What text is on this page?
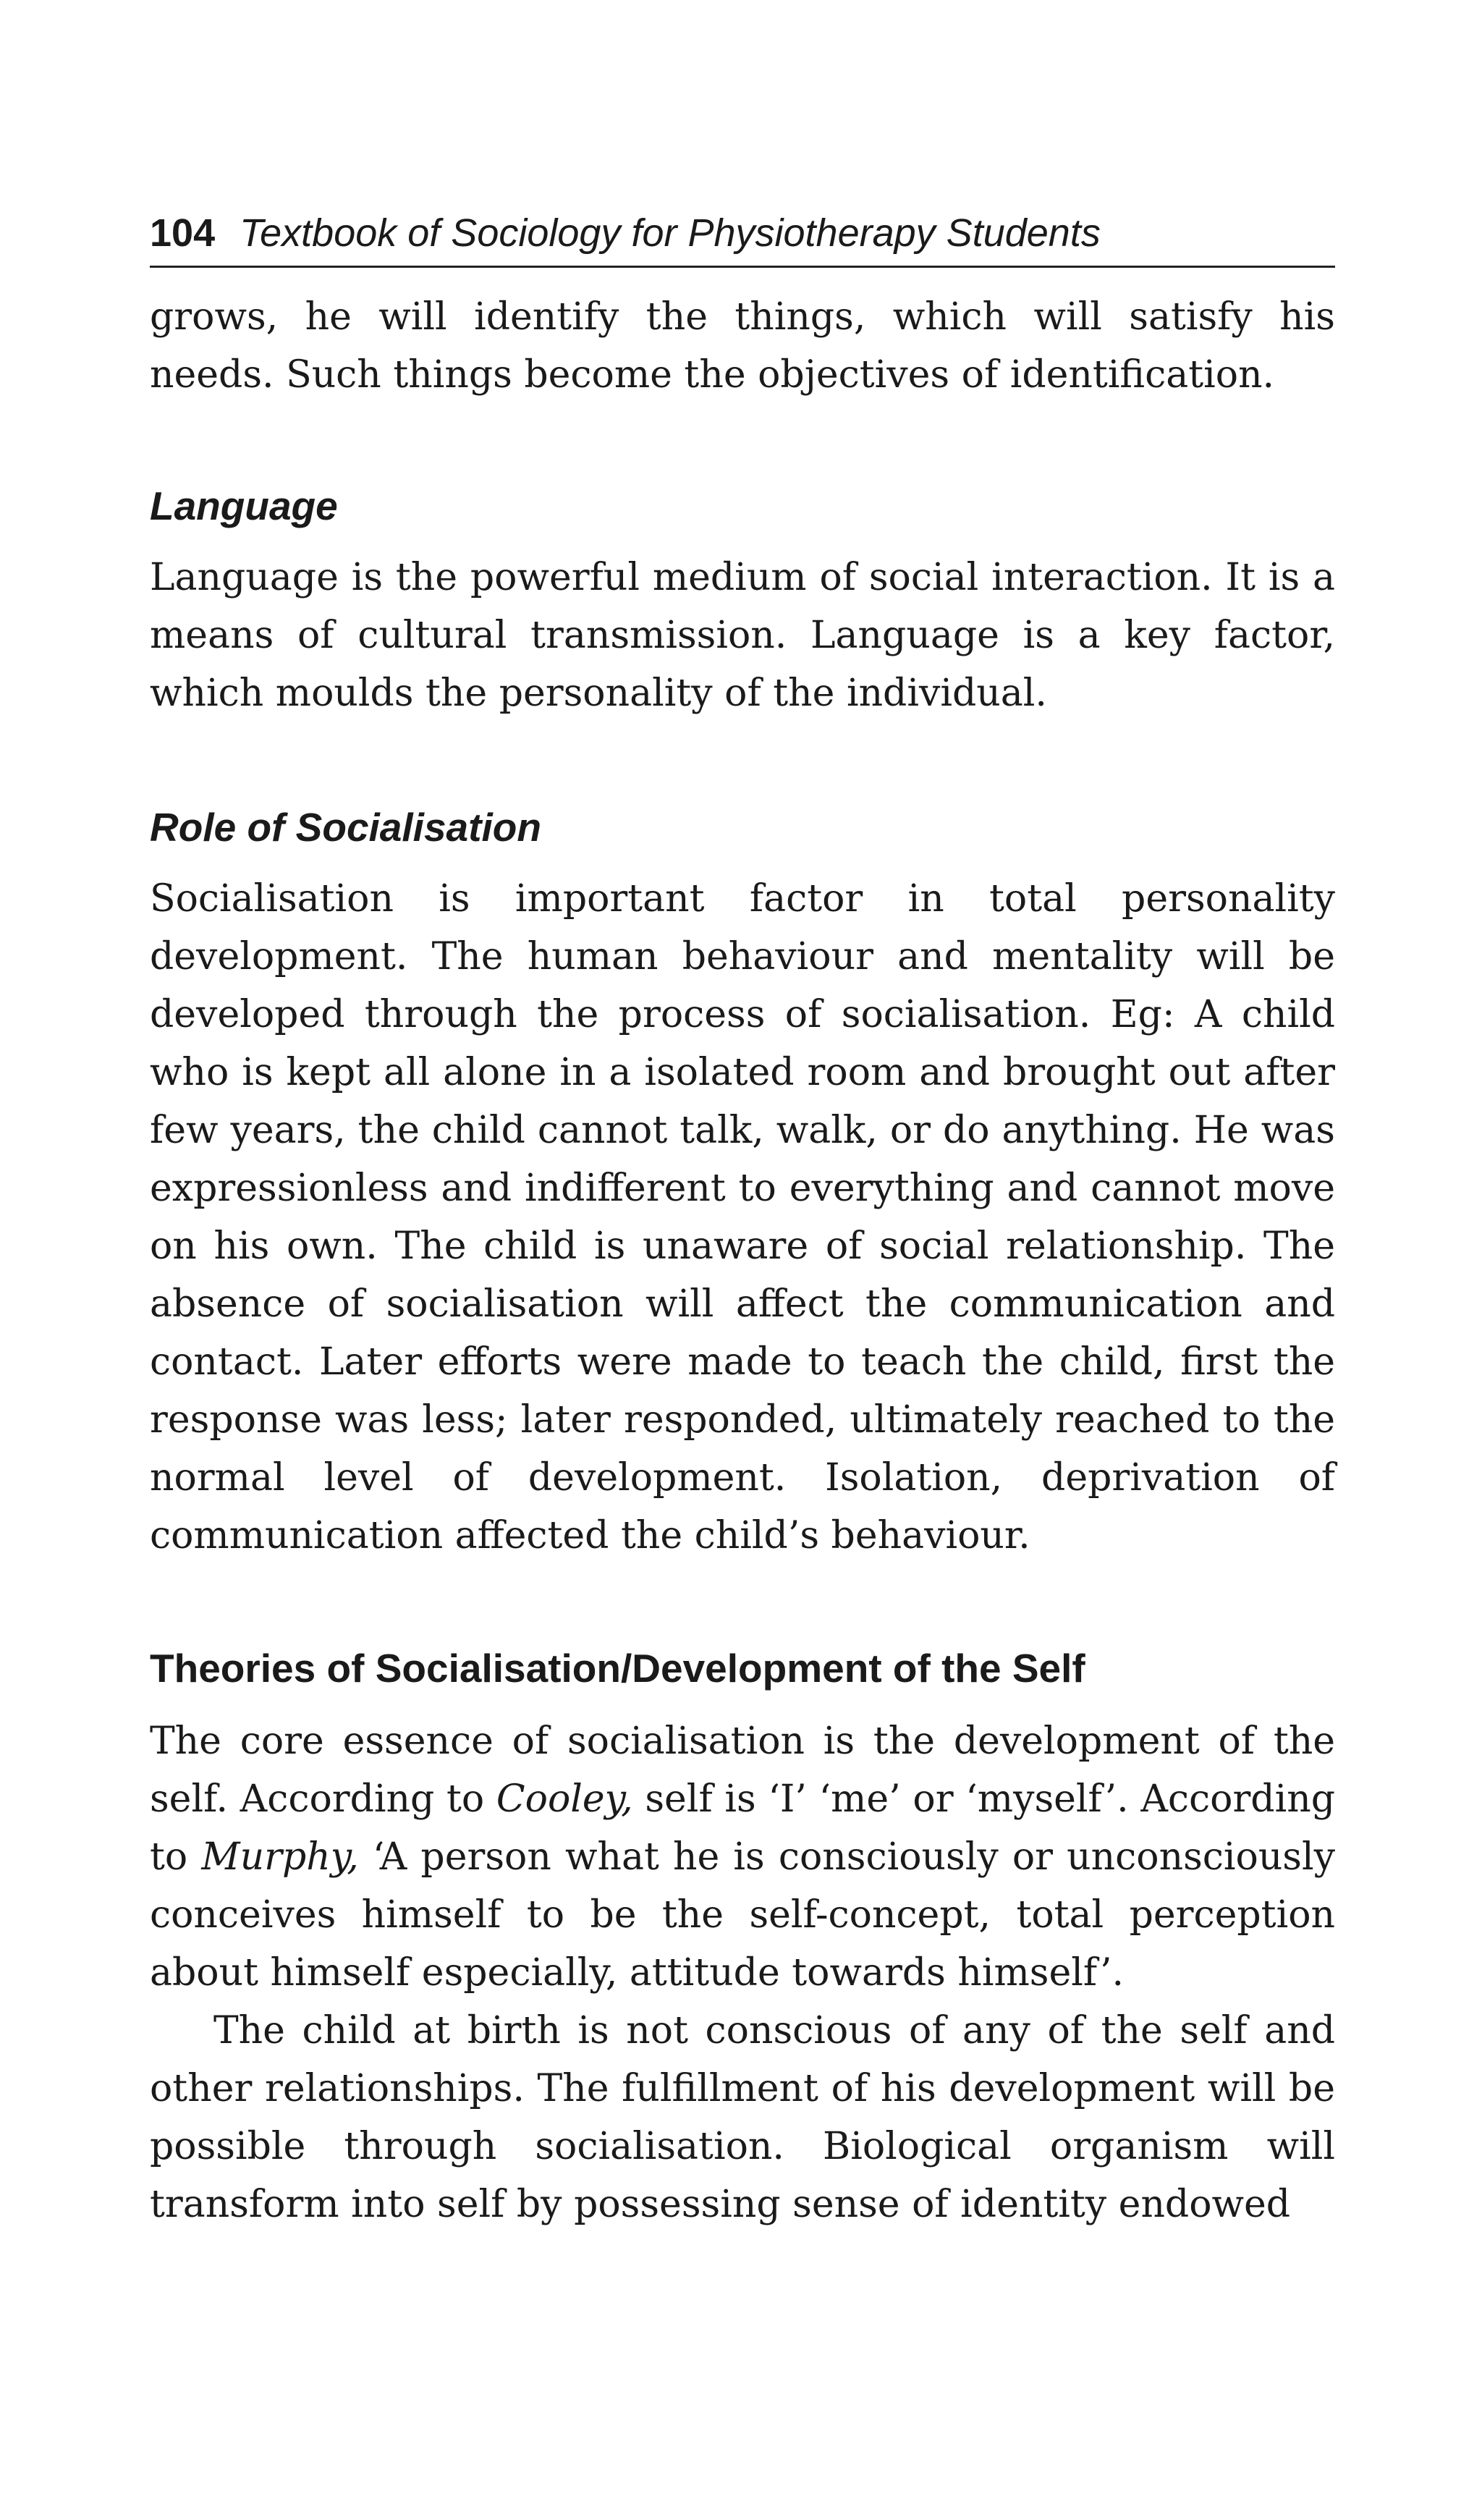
104 Textbook of Sociology for Physiotherapy Students

grows, he will identify the things, which will satisfy his needs. Such things become the objectives of identification.

Language

Language is the powerful medium of social interaction. It is a means of cultural transmission. Language is a key factor, which moulds the personality of the individual.

Role of Socialisation

Socialisation is important factor in total personality development. The human behaviour and mentality will be developed through the process of socialisation. Eg: A child who is kept all alone in a isolated room and brought out after few years, the child cannot talk, walk, or do anything. He was expressionless and indifferent to everything and cannot move on his own. The child is unaware of social relationship. The absence of socialisation will affect the communication and contact. Later efforts were made to teach the child, first the response was less; later responded, ultimately reached to the normal level of development. Isolation, deprivation of communication affected the child’s behaviour.

Theories of Socialisation/Development of the Self

The core essence of socialisation is the development of the self. According to Cooley, self is ‘I’ ‘me’ or ‘myself’. According to Murphy, ‘A person what he is consciously or unconsciously conceives himself to be the self-concept, total perception about himself especially, attitude towards himself’.

The child at birth is not conscious of any of the self and other relationships. The fulfillment of his development will be possible through socialisation. Biological organism will transform into self by possessing sense of identity endowed
